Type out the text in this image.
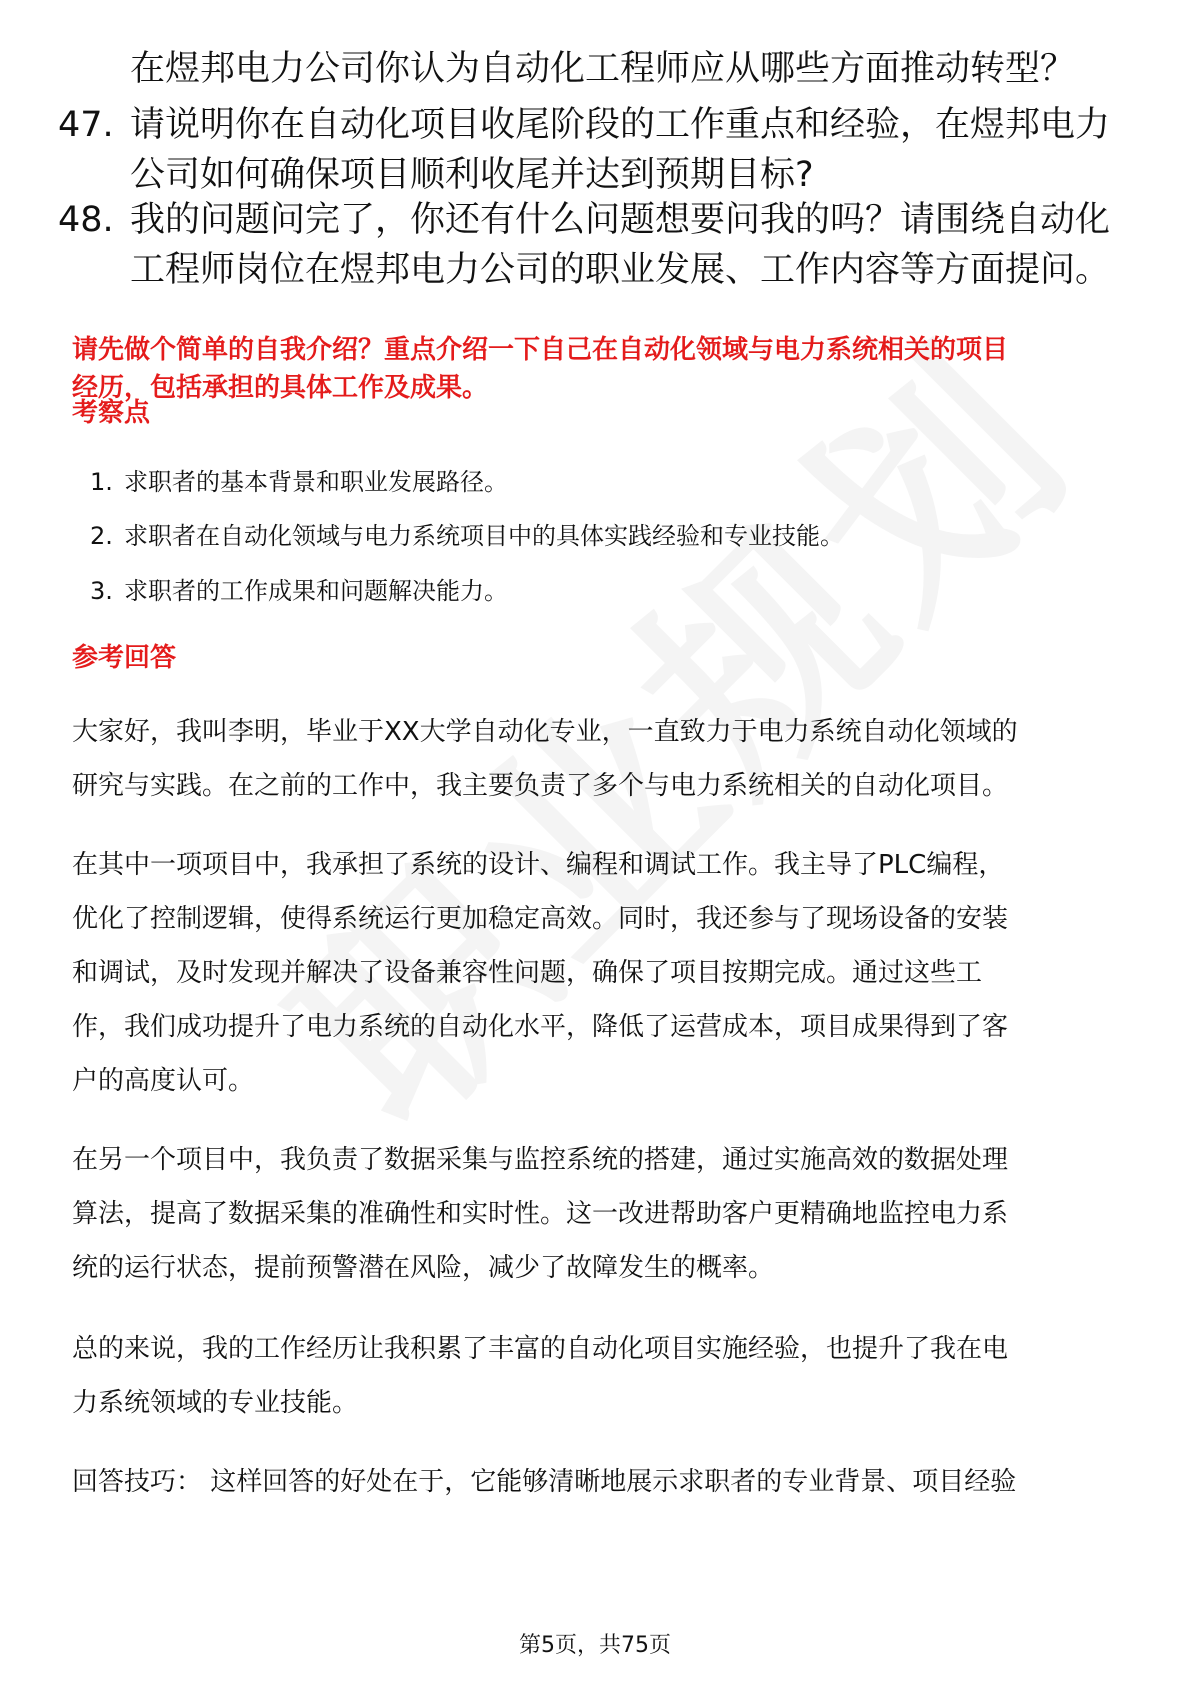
在煜邦电力公司你认为自动化工程师应从哪些方面推动转型？
47. 请说明你在自动化项目收尾阶段的工作重点和经验，在煜邦电力
公司如何确保项目顺利收尾并达到预期目标?
48. 我的问题问完了，你还有什么问题想要问我的吗？请围绕自动化
工程师岗位在煜邦电力公司的职业发展、工作内容等方面提问。
请先做个简单的自我介绍？重点介绍一下自己在自动化领域与电力系统相关的项目
经历，包括承担的具体工作及成果。
考察点
1. 求职者的基本背景和职业发展路径。
2. 求职者在自动化领域与电力系统项目中的具体实践经验和专业技能。
3. 求职者的工作成果和问题解决能力。
参考回答
大家好，我叫李明，毕业于XX大学自动化专业，一直致力于电力系统自动化领域的
研究与实践。在之前的工作中，我主要负责了多个与电力系统相关的自动化项目。
在其中一项项目中，我承担了系统的设计、编程和调试工作。我主导了PLC编程，
优化了控制逻辑，使得系统运行更加稳定高效。同时，我还参与了现场设备的安装
和调试，及时发现并解决了设备兼容性问题，确保了项目按期完成。通过这些工
作，我们成功提升了电力系统的自动化水平，降低了运营成本，项目成果得到了客
户的高度认可。
在另一个项目中，我负责了数据采集与监控系统的搭建，通过实施高效的数据处理
算法，提高了数据采集的准确性和实时性。这一改进帮助客户更精确地监控电力系
统的运行状态，提前预警潜在风险，减少了故障发生的概率。
总的来说，我的工作经历让我积累了丰富的自动化项目实施经验，也提升了我在电
力系统领域的专业技能。
回答技巧： 这样回答的好处在于，它能够清晰地展示求职者的专业背景、项目经验
第5页，共75页
